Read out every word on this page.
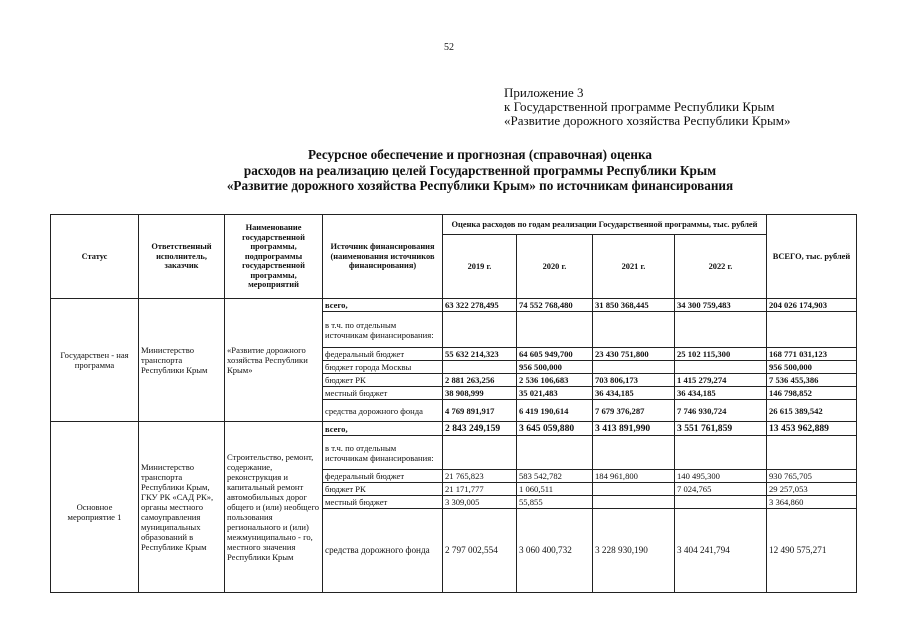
52
Приложение 3
к Государственной программе Республики Крым
«Развитие дорожного хозяйства Республики Крым»
Ресурсное обеспечение и прогнозная (справочная) оценка
расходов на реализацию целей Государственной программы Республики Крым
«Развитие дорожного хозяйства Республики Крым» по источникам финансирования
Статус	Ответственный исполнитель, заказчик	Наименование государственной программы, подпрограммы государственной программы, мероприятий	Источник финансирования (наименования источников финансирования)	Оценка расходов по годам реализации Государственной программы, тыс. рублей				ВСЕГО, тыс. рублей
				2019 г.	2020 г.	2021 г.	2022 г.	
Государствен - ная программа	Министерство транспорта Республики Крым	«Развитие дорожного хозяйства Республики Крым»	всего,	63 322 278,495	74 552 768,480	31 850 368,445	34 300 759,483	204 026 174,903
			в т.ч. по отдельным источникам финансирования:					
			федеральный бюджет	55 632 214,323	64 605 949,700	23 430 751,800	25 102 115,300	168 771 031,123
			бюджет города Москвы		956 500,000			956 500,000
			бюджет РК	2 881 263,256	2 536 106,683	703 806,173	1 415 279,274	7 536 455,386
			местный бюджет	38 908,999	35 021,483	36 434,185	36 434,185	146 798,852
			средства дорожного фонда	4 769 891,917	6 419 190,614	7 679 376,287	7 746 930,724	26 615 389,542
Основное мероприятие 1	Министерство транспорта Республики Крым, ГКУ РК «САД РК», органы местного самоуправления муниципальных образований в Республике Крым	Строительство, ремонт, содержание, реконструкция и капитальный ремонт автомобильных дорог общего и (или) необщего пользования регионального и (или) межмуниципально - го, местного значения Республики Крым	всего,	2 843 249,159	3 645 059,880	3 413 891,990	3 551 761,859	13 453 962,889
			в т.ч. по отдельным источникам финансирования:					
			федеральный бюджет	21 765,823	583 542,782	184 961,800	140 495,300	930 765,705
			бюджет РК	21 171,777	1 060,511		7 024,765	29 257,053
			местный бюджет	3 309,005	55,855			3 364,860
			средства дорожного фонда	2 797 002,554	3 060 400,732	3 228 930,190	3 404 241,794	12 490 575,271
